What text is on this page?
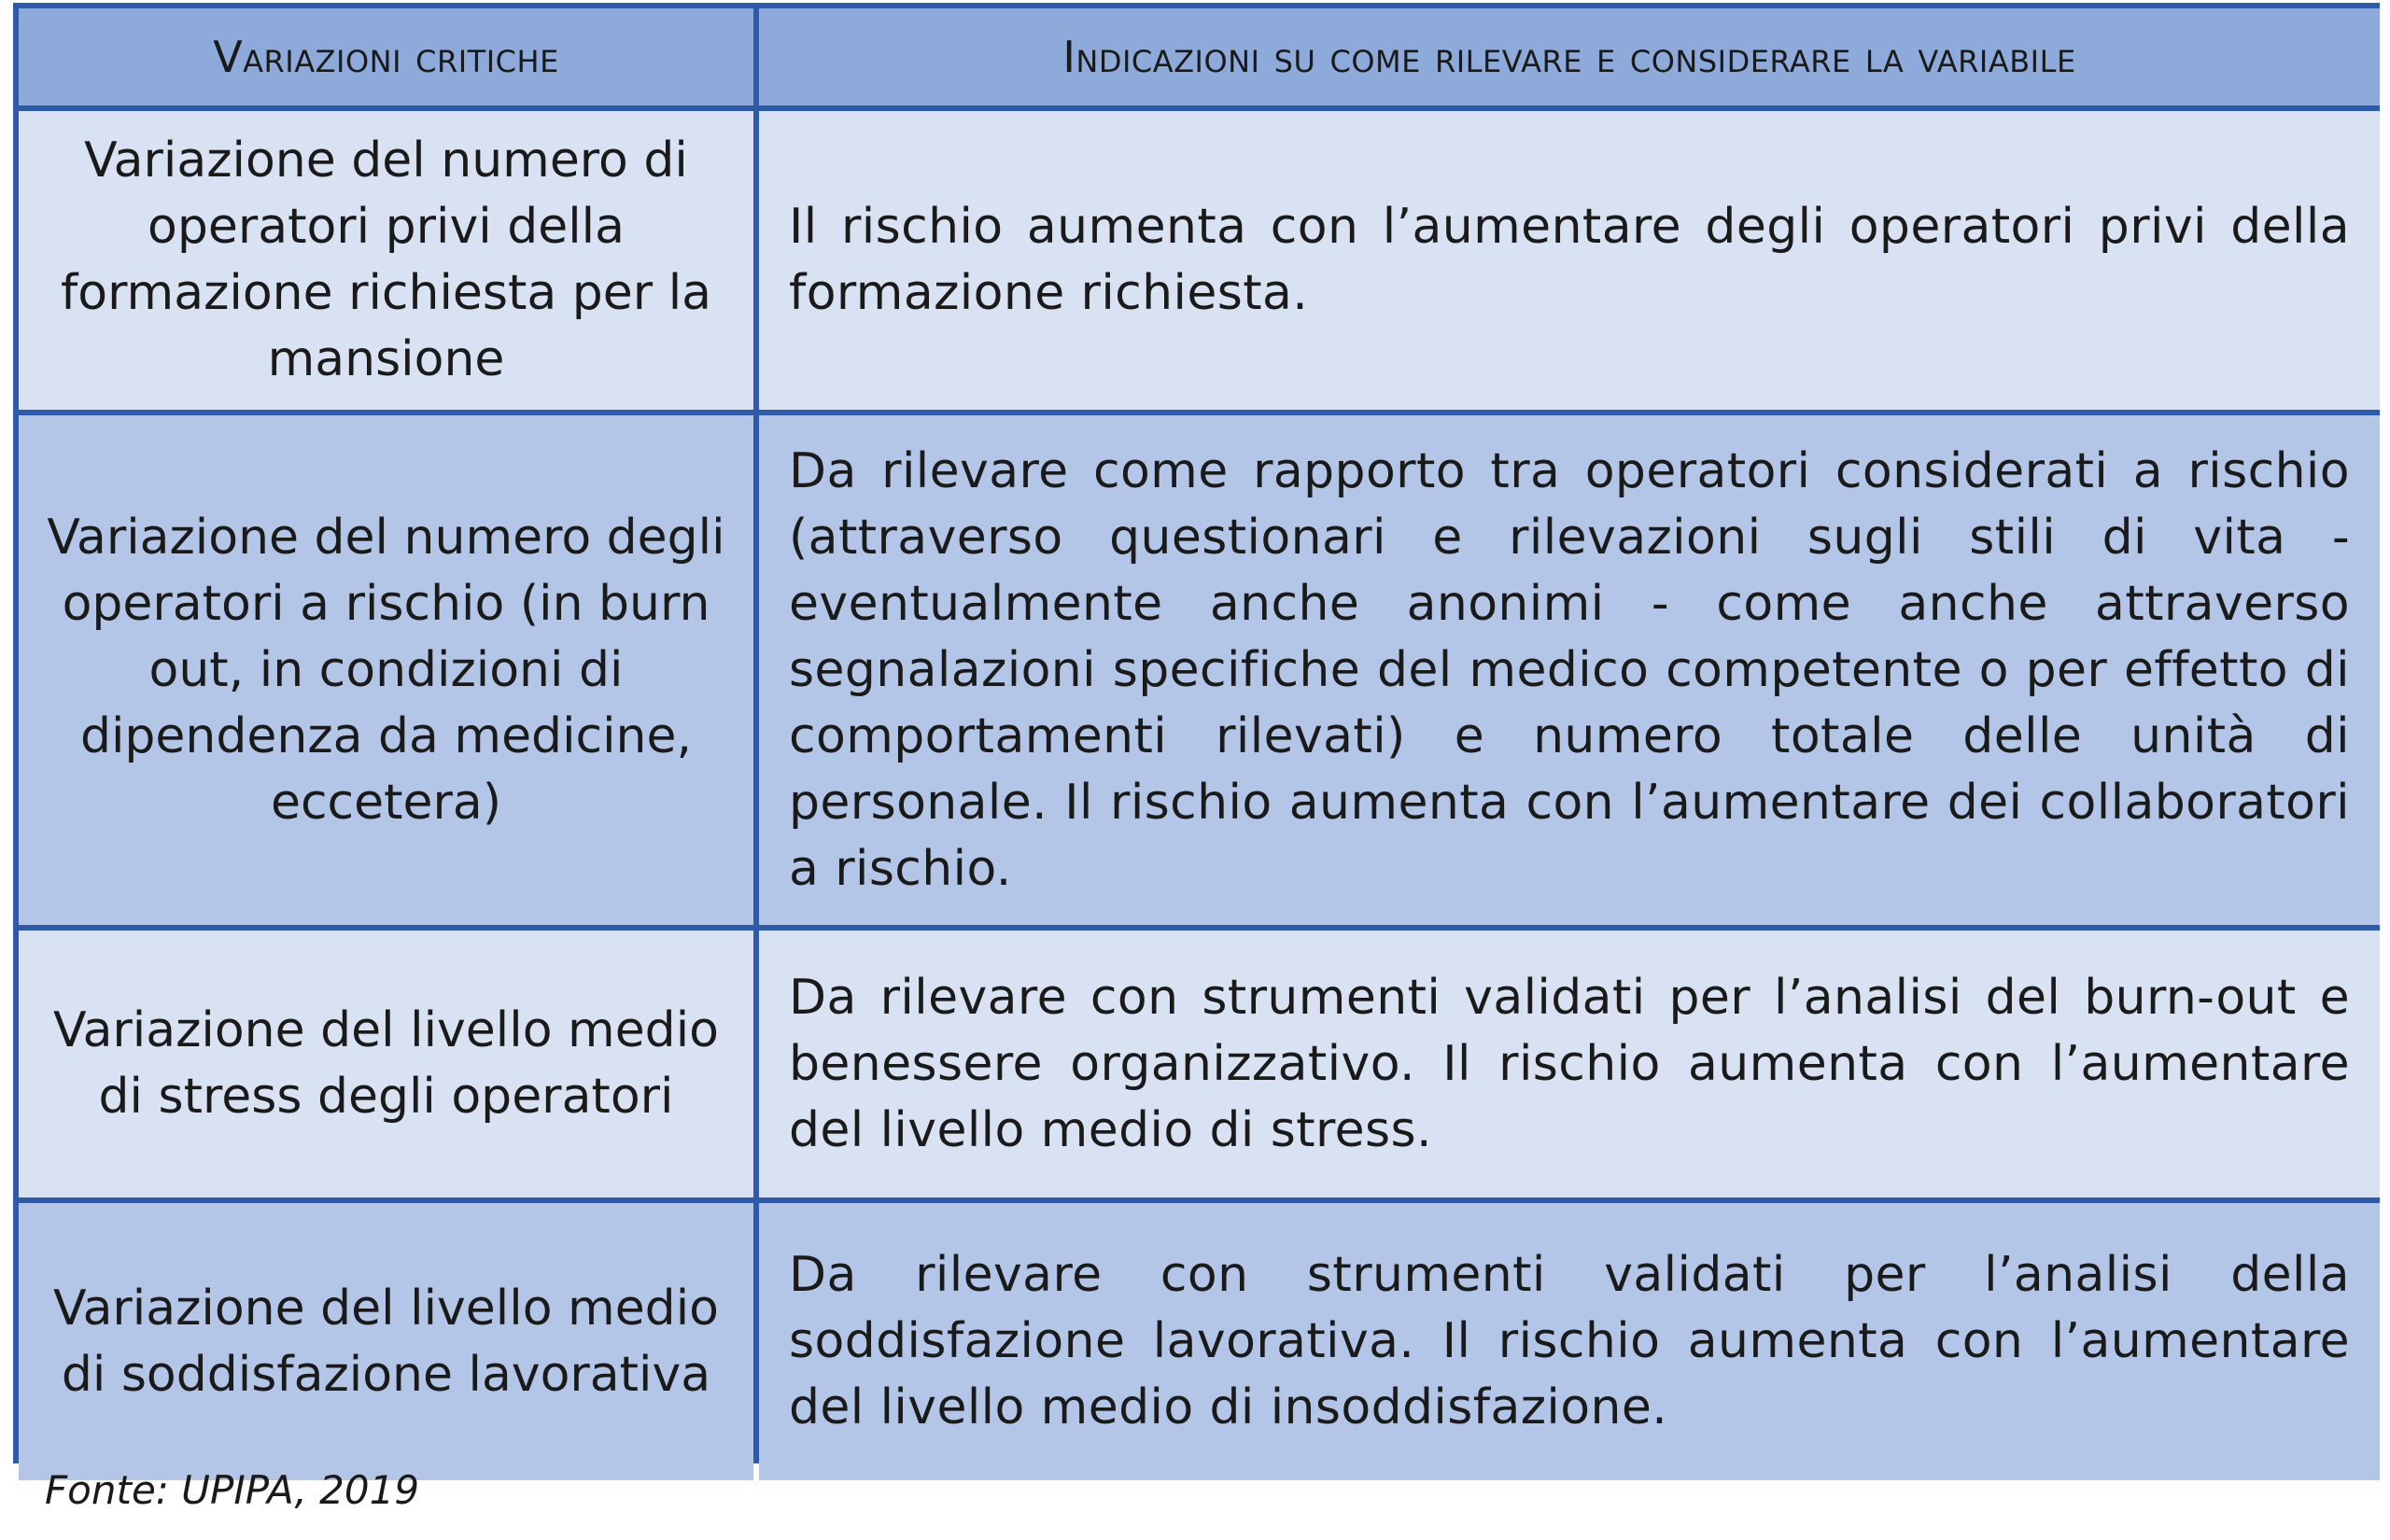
Variazioni critiche	Indicazioni su come rilevare e considerare la variabile
Variazione del numero di operatori privi della formazione richiesta per la mansione
Il rischio aumenta con l’aumentare degli operatori privi della formazione richiesta.
Variazione del numero degli operatori a rischio (in burn out, in condizioni di dipendenza da medicine, eccetera)
Da rilevare come rapporto tra operatori considerati a rischio (attraverso questionari e rilevazioni sugli stili di vita - eventualmente anche anonimi - come anche attraverso segnalazioni specifiche del medico competente o per effetto di comportamenti rilevati) e numero totale delle unità di personale. Il rischio aumenta con l’aumentare dei collaboratori a rischio.
Variazione del livello medio di stress degli operatori
Da rilevare con strumenti validati per l’analisi del burn-out e benessere organizzativo. Il rischio aumenta con l’aumentare del livello medio di stress.
Variazione del livello medio di soddisfazione lavorativa
Da rilevare con strumenti validati per l’analisi della soddisfazione lavorativa. Il rischio aumenta con l’aumentare del livello medio di insoddisfazione.
Fonte: UPIPA, 2019
